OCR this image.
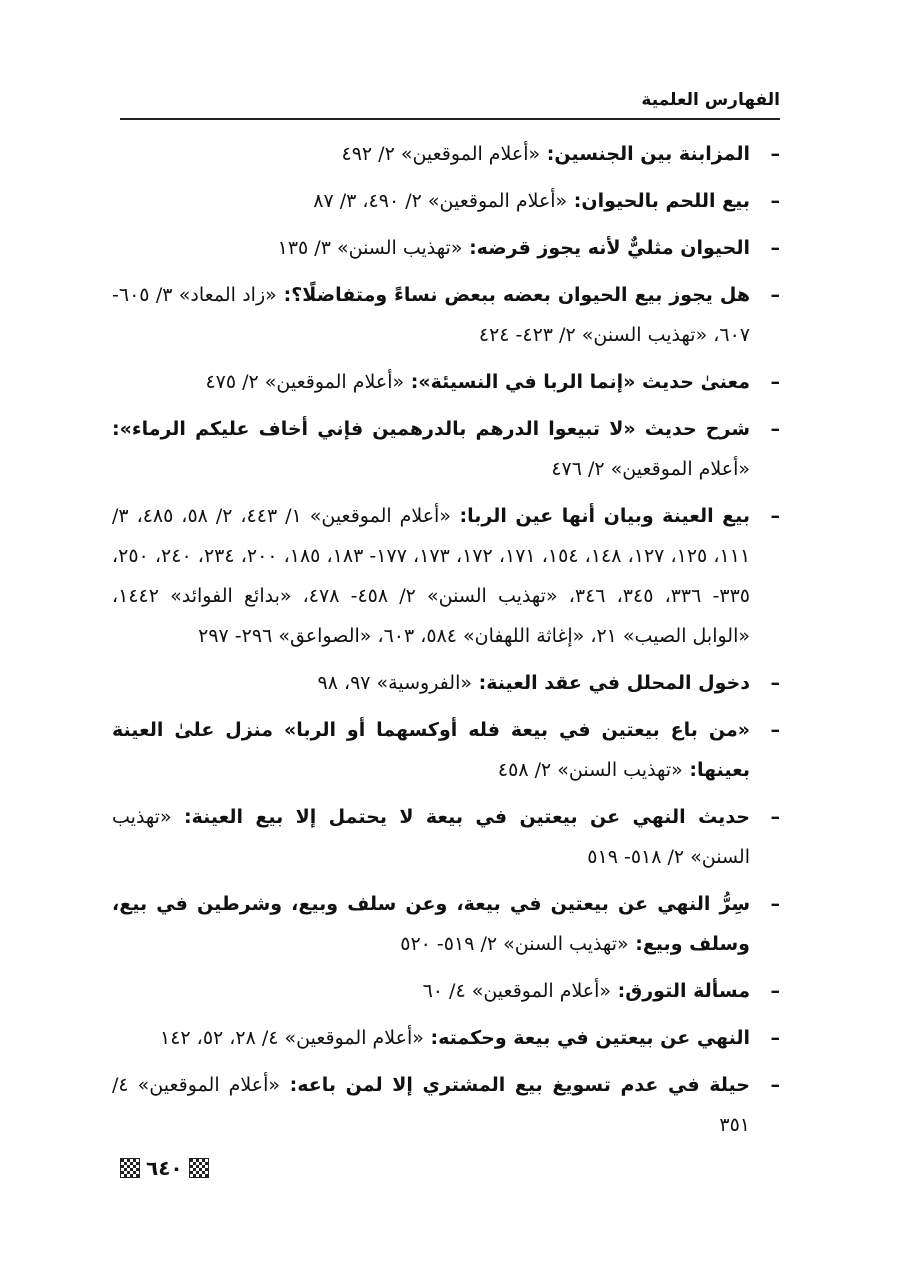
الفهارس العلمية
–
المزابنة بين الجنسين: «أعلام الموقعين» ٢/ ٤٩٢
–
بيع اللحم بالحيوان: «أعلام الموقعين» ٢/ ٤٩٠، ٣/ ٨٧
–
الحيوان مثليٌّ لأنه يجوز قرضه: «تهذيب السنن» ٣/ ١٣٥
–
هل يجوز بيع الحيوان بعضه ببعض نساءً ومتفاضلًا؟: «زاد المعاد» ٣/ ٦٠٥- ٦٠٧، «تهذيب السنن» ٢/ ٤٢٣- ٤٢٤
–
معنىٰ حديث «إنما الربا في النسيئة»: «أعلام الموقعين» ٢/ ٤٧٥
–
شرح حديث «لا تبيعوا الدرهم بالدرهمين فإني أخاف عليكم الرماء»: «أعلام الموقعين» ٢/ ٤٧٦
–
بيع العينة وبيان أنها عين الربا: «أعلام الموقعين» ١/ ٤٤٣، ٢/ ٥٨، ٤٨٥، ٣/ ١١١، ١٢٥، ١٢٧، ١٤٨، ١٥٤، ١٧١، ١٧٢، ١٧٣، ١٧٧- ١٨٣، ١٨٥، ٢٠٠، ٢٣٤، ٢٤٠، ٢٥٠، ٣٣٥- ٣٣٦، ٣٤٥، ٣٤٦، «تهذيب السنن» ٢/ ٤٥٨- ٤٧٨، «بدائع الفوائد» ١٤٤٢، «الوابل الصيب» ٢١، «إغاثة اللهفان» ٥٨٤، ٦٠٣، «الصواعق» ٢٩٦- ٢٩٧
–
دخول المحلل في عقد العينة: «الفروسية» ٩٧، ٩٨
–
«من باع بيعتين في بيعة فله أوكسهما أو الربا» منزل علىٰ العينة بعينها: «تهذيب السنن» ٢/ ٤٥٨
–
حديث النهي عن بيعتين في بيعة لا يحتمل إلا بيع العينة: «تهذيب السنن» ٢/ ٥١٨- ٥١٩
–
سِرُّ النهي عن بيعتين في بيعة، وعن سلف وبيع، وشرطين في بيع، وسلف وبيع: «تهذيب السنن» ٢/ ٥١٩- ٥٢٠
–
مسألة التورق: «أعلام الموقعين» ٤/ ٦٠
–
النهي عن بيعتين في بيعة وحكمته: «أعلام الموقعين» ٤/ ٢٨، ٥٢، ١٤٢
–
حيلة في عدم تسويغ بيع المشتري إلا لمن باعه: «أعلام الموقعين» ٤/ ٣٥١
٦٤٠
